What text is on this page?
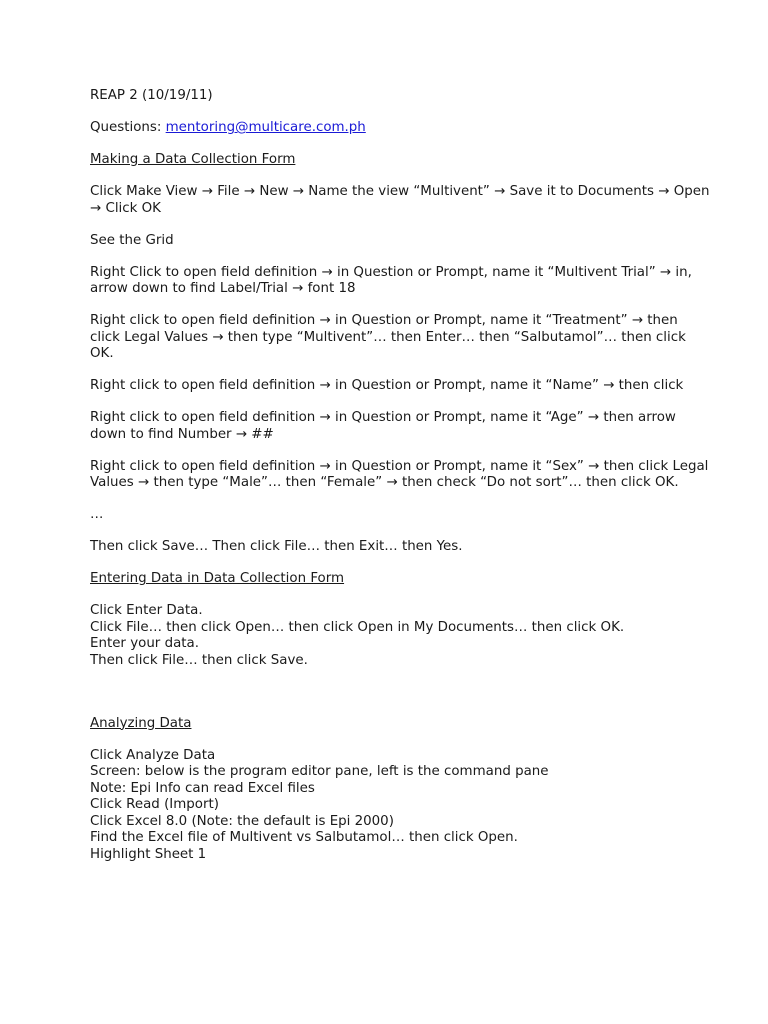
REAP 2 (10/19/11)

Questions: mentoring@multicare.com.ph

Making a Data Collection Form

Click Make View → File → New → Name the view “Multivent” → Save it to Documents → Open → Click OK

See the Grid

Right Click to open field definition → in Question or Prompt, name it “Multivent Trial” → in, arrow down to find Label/Trial → font 18

Right click to open field definition → in Question or Prompt, name it “Treatment” → then click Legal Values → then type “Multivent”… then Enter… then “Salbutamol”… then click OK.

Right click to open field definition → in Question or Prompt, name it “Name” → then click

Right click to open field definition → in Question or Prompt, name it “Age” → then arrow down to find Number → ##

Right click to open field definition → in Question or Prompt, name it “Sex” → then click Legal Values → then type “Male”… then “Female” → then check “Do not sort”… then click OK.

…

Then click Save… Then click File… then Exit… then Yes.

Entering Data in Data Collection Form

Click Enter Data.
Click File… then click Open… then click Open in My Documents… then click OK.
Enter your data.
Then click File… then click Save.

Analyzing Data

Click Analyze Data
Screen: below is the program editor pane, left is the command pane
Note: Epi Info can read Excel files
Click Read (Import)
Click Excel 8.0 (Note: the default is Epi 2000)
Find the Excel file of Multivent vs Salbutamol… then click Open.
Highlight Sheet 1
